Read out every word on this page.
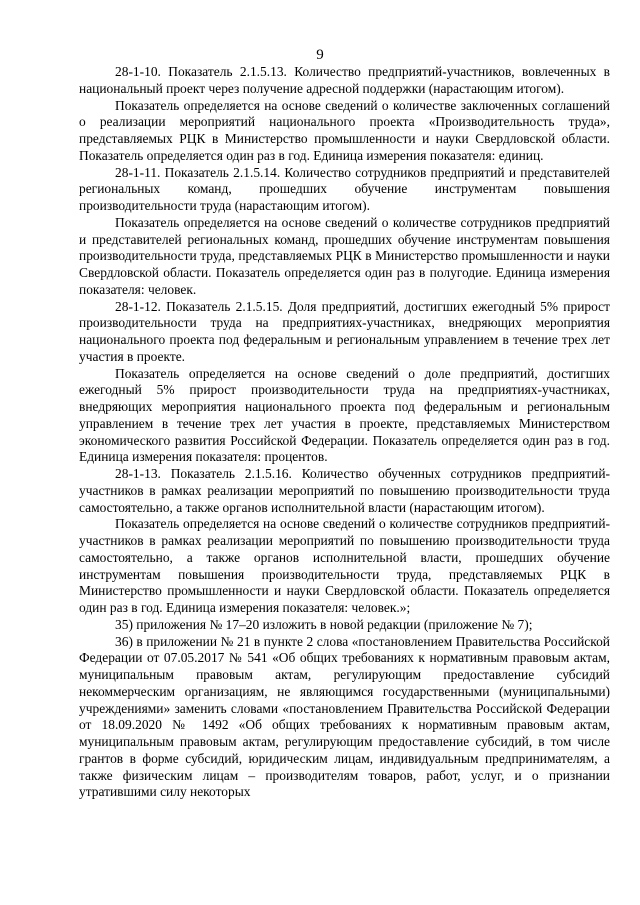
9

28-1-10. Показатель 2.1.5.13. Количество предприятий-участников, вовлеченных в национальный проект через получение адресной поддержки (нарастающим итогом).

Показатель определяется на основе сведений о количестве заключенных соглашений о реализации мероприятий национального проекта «Производительность труда», представляемых РЦК в Министерство промышленности и науки Свердловской области. Показатель определяется один раз в год. Единица измерения показателя: единиц.

28-1-11. Показатель 2.1.5.14. Количество сотрудников предприятий и представителей региональных команд, прошедших обучение инструментам повышения производительности труда (нарастающим итогом).

Показатель определяется на основе сведений о количестве сотрудников предприятий и представителей региональных команд, прошедших обучение инструментам повышения производительности труда, представляемых РЦК в Министерство промышленности и науки Свердловской области. Показатель определяется один раз в полугодие. Единица измерения показателя: человек.

28-1-12. Показатель 2.1.5.15. Доля предприятий, достигших ежегодный 5% прирост производительности труда на предприятиях-участниках, внедряющих мероприятия национального проекта под федеральным и региональным управлением в течение трех лет участия в проекте.

Показатель определяется на основе сведений о доле предприятий, достигших ежегодный 5% прирост производительности труда на предприятиях-участниках, внедряющих мероприятия национального проекта под федеральным и региональным управлением в течение трех лет участия в проекте, представляемых Министерством экономического развития Российской Федерации. Показатель определяется один раз в год. Единица измерения показателя: процентов.

28-1-13. Показатель 2.1.5.16. Количество обученных сотрудников предприятий-участников в рамках реализации мероприятий по повышению производительности труда самостоятельно, а также органов исполнительной власти (нарастающим итогом).

Показатель определяется на основе сведений о количестве сотрудников предприятий-участников в рамках реализации мероприятий по повышению производительности труда самостоятельно, а также органов исполнительной власти, прошедших обучение инструментам повышения производительности труда, представляемых РЦК в Министерство промышленности и науки Свердловской области. Показатель определяется один раз в год. Единица измерения показателя: человек.»;

35) приложения № 17–20 изложить в новой редакции (приложение № 7);

36) в приложении № 21 в пункте 2 слова «постановлением Правительства Российской Федерации от 07.05.2017 № 541 «Об общих требованиях к нормативным правовым актам, муниципальным правовым актам, регулирующим предоставление субсидий некоммерческим организациям, не являющимся государственными (муниципальными) учреждениями» заменить словами «постановлением Правительства Российской Федерации от 18.09.2020 № 1492 «Об общих требованиях к нормативным правовым актам, муниципальным правовым актам, регулирующим предоставление субсидий, в том числе грантов в форме субсидий, юридическим лицам, индивидуальным предпринимателям, а также физическим лицам – производителям товаров, работ, услуг, и о признании утратившими силу некоторых
